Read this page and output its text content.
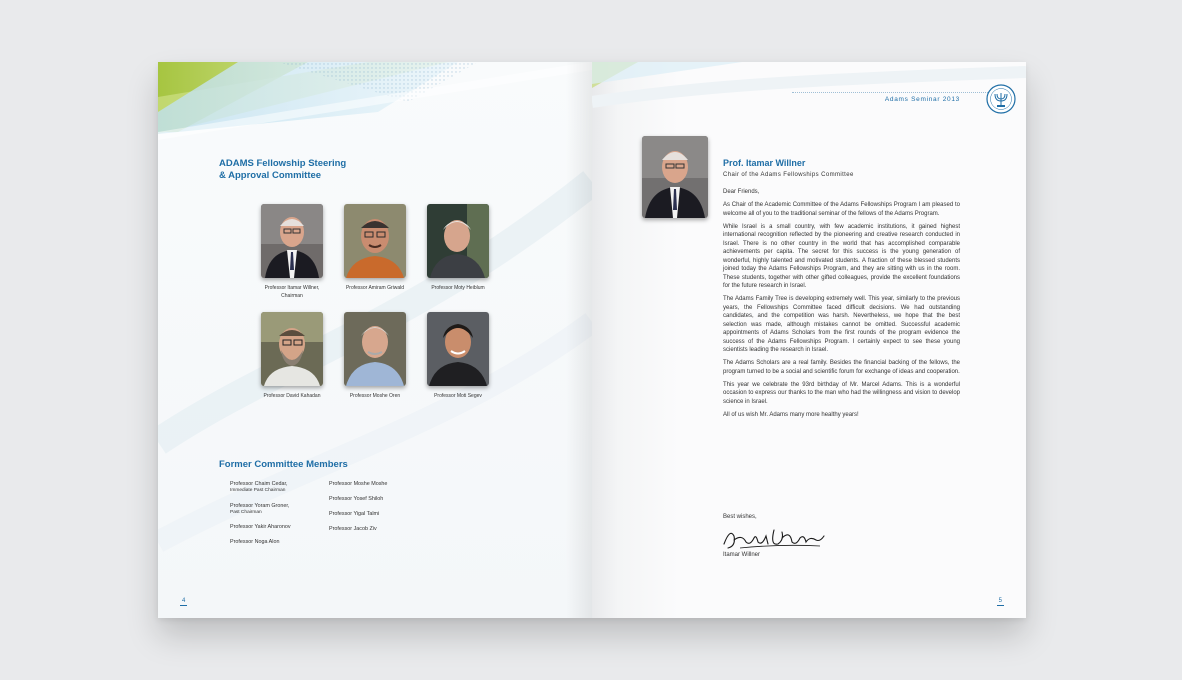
ADAMS Fellowship Steering
& Approval Committee
Professor Itamar Willner,
Chairman
Professor Amiram Griwald	Professor Moty Heiblum
Professor David Kahadan	Professor Moshe Oren	Professor Moti Segev
Former Committee Members
Professor Chaim Cedar,
Immediate Past Chairman
Professor Yoram Groner,
Past Chairman
Professor Yakir Aharonov
Professor Noga Alon
Professor Moshe Moshe
Professor Yosef Shiloh
Professor Yigal Talmi
Professor Jacob Ziv
4
Adams Seminar 2013
Prof. Itamar Willner
Chair of the Adams Fellowships Committee

Dear Friends,

As Chair of the Academic Committee of the Adams Fellowships Program I am pleased to welcome all of you to the traditional seminar of the fellows of the Adams Program.

While Israel is a small country, with few academic institutions, it gained highest international recognition reflected by the pioneering and creative research conducted in Israel. There is no other country in the world that has accomplished comparable achievements per capita. The secret for this success is the young generation of wonderful, highly talented and motivated students. A fraction of these blessed students joined today the Adams Fellowships Program, and they are sitting with us in the room. These students, together with other gifted colleagues, provide the excellent foundations for the future research in Israel.

The Adams Family Tree is developing extremely well. This year, similarly to the previous years, the Fellowships Committee faced difficult decisions. We had outstanding candidates, and the competition was harsh. Nevertheless, we hope that the best selection was made, although mistakes cannot be omitted. Successful academic appointments of Adams Scholars from the first rounds of the program evidence the success of the Adams Fellowships Program. I certainly expect to see these young scientists leading the research in Israel.

The Adams Scholars are a real family. Besides the financial backing of the fellows, the program turned to be a social and scientific forum for exchange of ideas and cooperation.

This year we celebrate the 93rd birthday of Mr. Marcel Adams. This is a wonderful occasion to express our thanks to the man who had the willingness and vision to develop science in Israel.

All of us wish Mr. Adams many more healthy years!

Best wishes,
Itamar Willner
5
